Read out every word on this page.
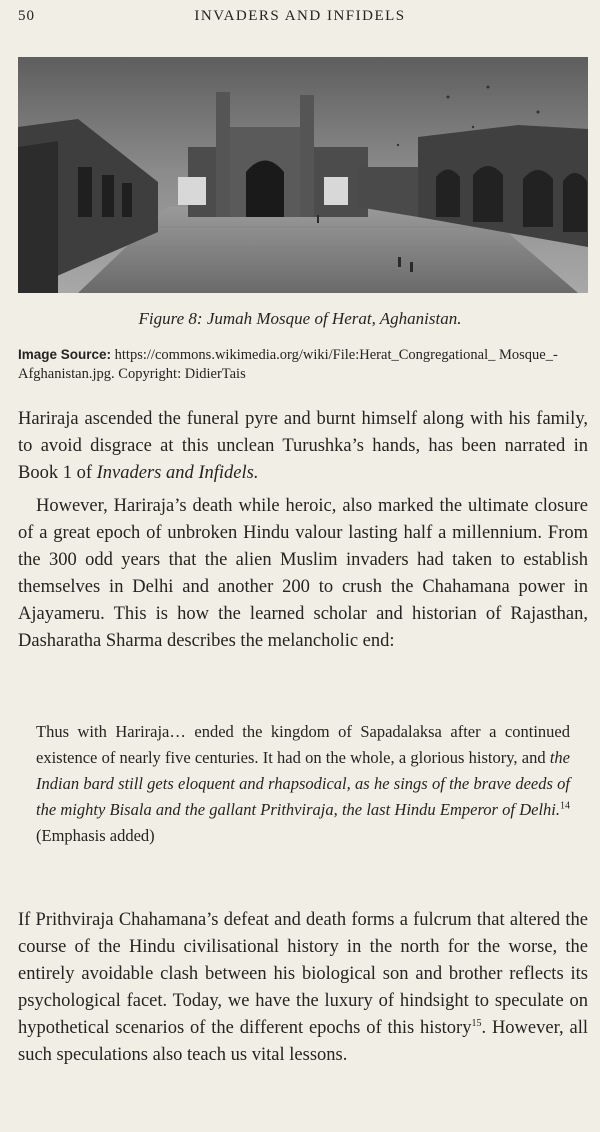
50	INVADERS AND INFIDELS
Figure 8: Jumah Mosque of Herat, Aghanistan.
Image Source: https://commons.wikimedia.org/wiki/File:Herat_Congregational_ Mosque_-Afghanistan.jpg. Copyright: DidierTais
Hariraja ascended the funeral pyre and burnt himself along with his family, to avoid disgrace at this unclean Turushka’s hands, has been narrated in Book 1 of Invaders and Infidels.
However, Hariraja’s death while heroic, also marked the ultimate closure of a great epoch of unbroken Hindu valour lasting half a millennium. From the 300 odd years that the alien Muslim invaders had taken to establish themselves in Delhi and another 200 to crush the Chahamana power in Ajayameru. This is how the learned scholar and historian of Rajasthan, Dasharatha Sharma describes the melancholic end:
Thus with Hariraja… ended the kingdom of Sapadalaksa after a continued existence of nearly five centuries. It had on the whole, a glorious history, and the Indian bard still gets eloquent and rhapsodical, as he sings of the brave deeds of the mighty Bisala and the gallant Prithviraja, the last Hindu Emperor of Delhi.$^{14}$ (Emphasis added)
If Prithviraja Chahamana’s defeat and death forms a fulcrum that altered the course of the Hindu civilisational history in the north for the worse, the entirely avoidable clash between his biological son and brother reflects its psychological facet. Today, we have the luxury of hindsight to speculate on hypothetical scenarios of the different epochs of this history$^{15}$. However, all such speculations also teach us vital lessons.
